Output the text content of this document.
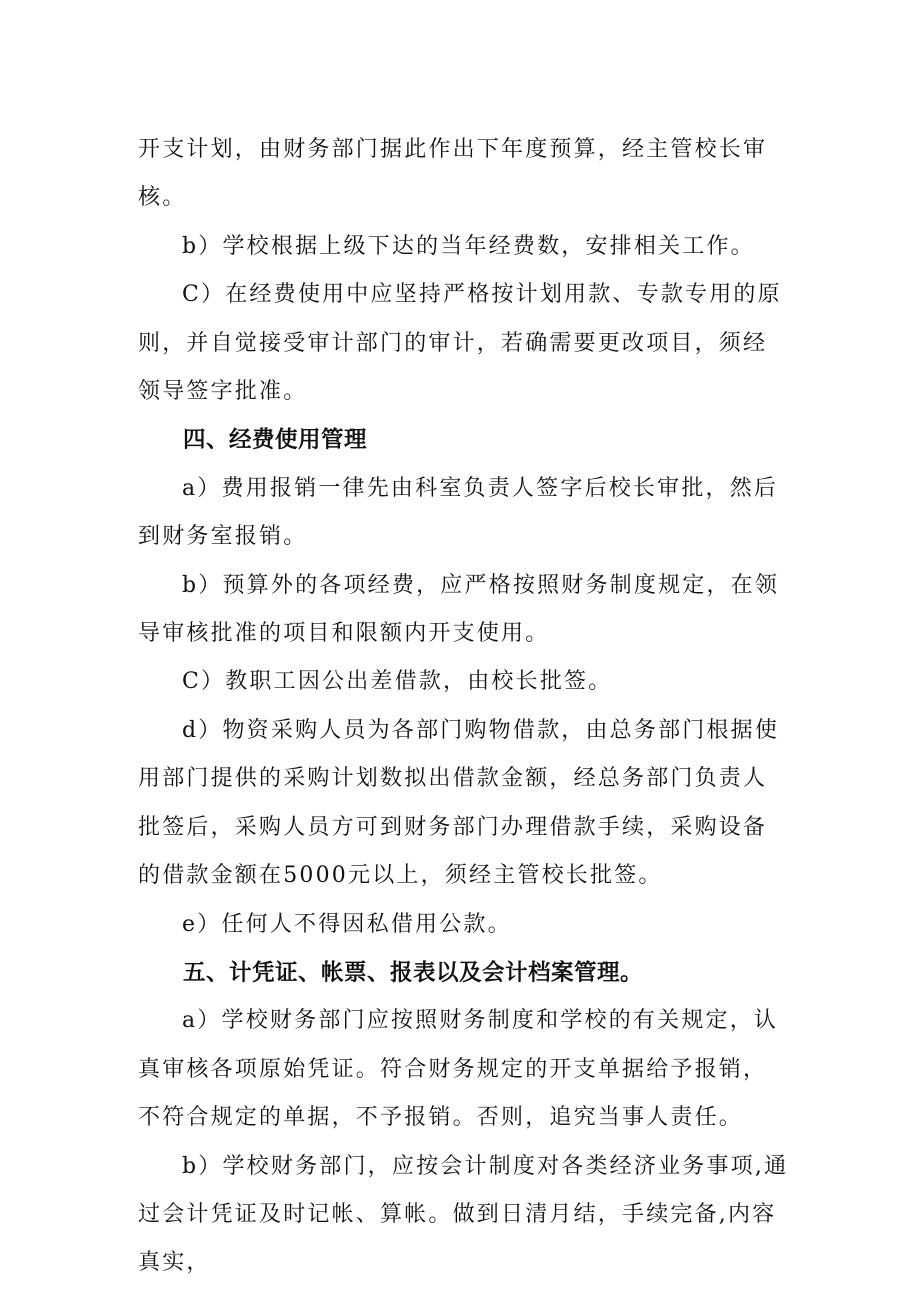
开支计划，由财务部门据此作出下年度预算，经主管校长审核。

b）学校根据上级下达的当年经费数，安排相关工作。

C）在经费使用中应坚持严格按计划用款、专款专用的原则，并自觉接受审计部门的审计，若确需要更改项目，须经领导签字批准。

四、经费使用管理

a）费用报销一律先由科室负责人签字后校长审批，然后到财务室报销。

b）预算外的各项经费，应严格按照财务制度规定，在领导审核批准的项目和限额内开支使用。

C）教职工因公出差借款，由校长批签。

d）物资采购人员为各部门购物借款，由总务部门根据使用部门提供的采购计划数拟出借款金额，经总务部门负责人批签后，采购人员方可到财务部门办理借款手续，采购设备的借款金额在5000元以上，须经主管校长批签。

e）任何人不得因私借用公款。

五、计凭证、帐票、报表以及会计档案管理。

a）学校财务部门应按照财务制度和学校的有关规定，认真审核各项原始凭证。符合财务规定的开支单据给予报销，不符合规定的单据，不予报销。否则，追究当事人责任。

b）学校财务部门，应按会计制度对各类经济业务事项,通过会计凭证及时记帐、算帐。做到日清月结，手续完备,内容真实，
